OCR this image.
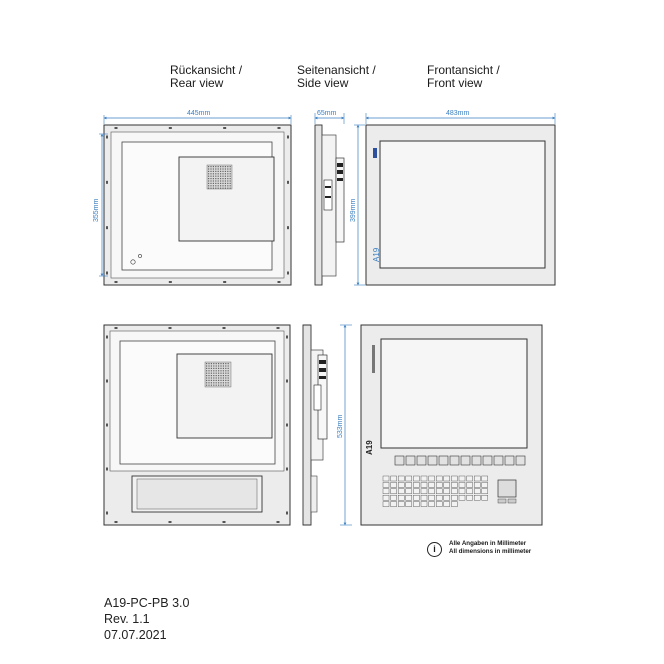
Rückansicht /
Rear view
Seitenansicht /
Side view
Frontansicht /
Front view
445mm
355mm
65mm
399mm
483mm
A19
533mm
A19
i
Alle Angaben in Millimeter
All dimensions in millimeter
A19-PC-PB 3.0
Rev. 1.1
07.07.2021
